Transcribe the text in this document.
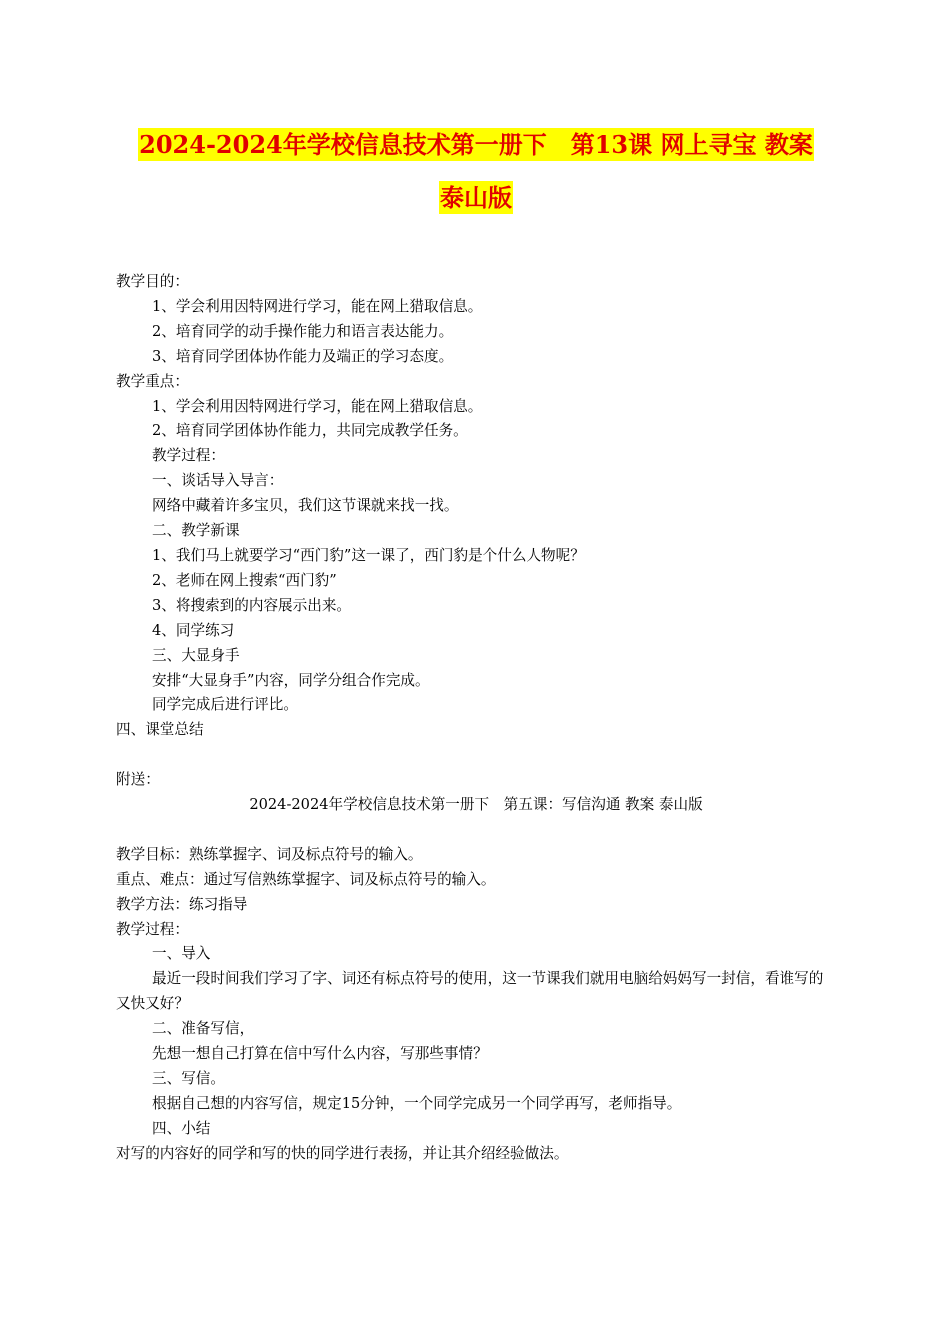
2024-2024年学校信息技术第一册下　第13课 网上寻宝 教案
泰山版
教学目的：
1、学会利用因特网进行学习，能在网上猎取信息。
2、培育同学的动手操作能力和语言表达能力。
3、培育同学团体协作能力及端正的学习态度。
教学重点：
1、学会利用因特网进行学习，能在网上猎取信息。
2、培育同学团体协作能力，共同完成教学任务。
教学过程：
一、谈话导入导言：
网络中藏着许多宝贝，我们这节课就来找一找。
二、教学新课
1、我们马上就要学习“西门豹”这一课了，西门豹是个什么人物呢？
2、老师在网上搜索“西门豹”
3、将搜索到的内容展示出来。
4、同学练习
三、大显身手
安排“大显身手”内容，同学分组合作完成。
同学完成后进行评比。
四、课堂总结
附送：
2024-2024年学校信息技术第一册下　第五课：写信沟通 教案 泰山版
教学目标：熟练掌握字、词及标点符号的输入。
重点、难点：通过写信熟练掌握字、词及标点符号的输入。
教学方法：练习指导
教学过程：
一、导入
最近一段时间我们学习了字、词还有标点符号的使用，这一节课我们就用电脑给妈妈写一封信，看谁写的又快又好？
二、准备写信，
先想一想自己打算在信中写什么内容，写那些事情？
三、写信。
根据自己想的内容写信，规定15分钟，一个同学完成另一个同学再写，老师指导。
四、小结
对写的内容好的同学和写的快的同学进行表扬，并让其介绍经验做法。
